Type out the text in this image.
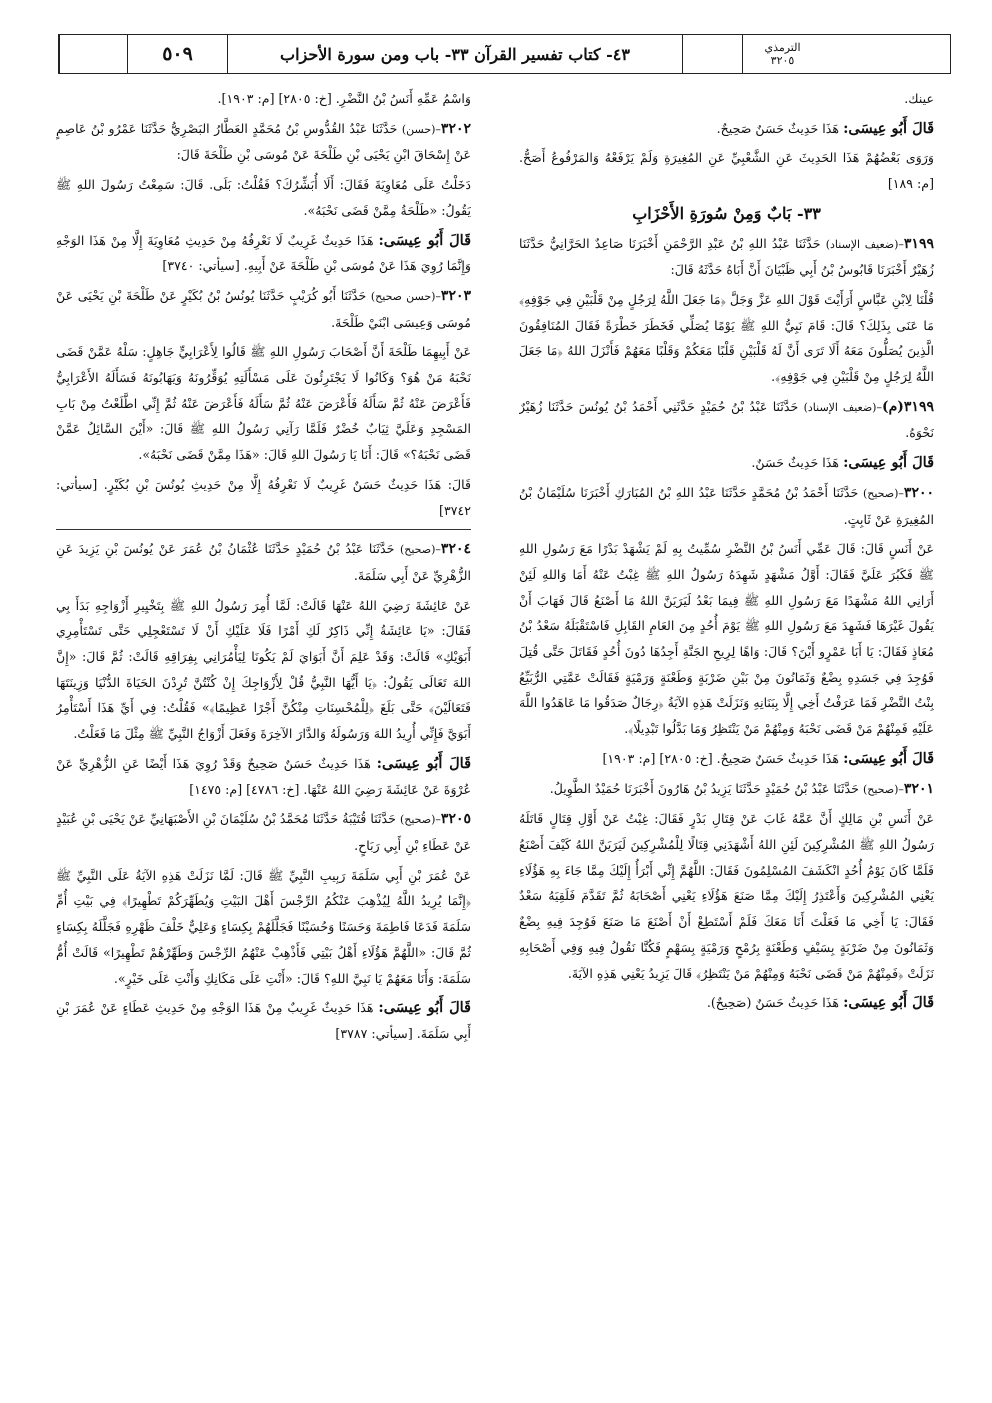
٥٠٩	٤٣- كتاب تفسير القرآن ٣٣- باب ومن سورة الأحزاب	الترمذي
٣٢٠٥

عينك.

قَالَ أَبُو عِيسَى: هَذَا حَدِيثٌ حَسَنٌ صَحِيحٌ.

وَرَوَى بَعْضُهُمْ هَذَا الحَدِيثَ عَنِ الشَّعْبِيِّ عَنِ المُغِيرَةِ وَلَمْ يَرْفَعْهُ وَالمَرْفُوعُ أَصَحُّ. [م: ١٨٩]

٣٣- بَابٌ وَمِنْ سُورَةِ الأَحْزَابِ

٣١٩٩–(ضعيف الإسناد) حَدَّثَنَا عَبْدُ اللهِ بْنُ عَبْدِ الرَّحْمَنِ أَخْبَرَنَا صَاعِدٌ الحَرَّانِيُّ حَدَّثَنَا زُهَيْرٌ أَخْبَرَنَا قَابُوسُ بْنُ أَبِي ظَبْيَانَ أَنَّ أَبَاهُ حَدَّثَهُ قَالَ:

قُلْنَا لِابْنِ عَبَّاسٍ أَرَأَيْتَ قَوْلَ اللهِ عَزَّ وَجَلَّ ﴿مَا جَعَلَ اللَّهُ لِرَجُلٍ مِنْ قَلْبَيْنِ فِي جَوْفِهِ﴾ مَا عَنَى بِذَلِكَ؟ قَالَ: قَامَ نَبِيُّ اللهِ ﷺ يَوْمًا يُصَلِّي فَخَطَرَ خَطْرَةً فَقَالَ المُنَافِقُونَ الَّذِينَ يُصَلُّونَ مَعَهُ أَلَا تَرَى أَنَّ لَهُ قَلْبَيْنِ قَلْبًا مَعَكُمْ وَقَلْبًا مَعَهُمْ فَأَنْزَلَ اللهُ ﴿مَا جَعَلَ اللَّهُ لِرَجُلٍ مِنْ قَلْبَيْنِ فِي جَوْفِهِ﴾.

٣١٩٩(م)–(ضعيف الإسناد) حَدَّثَنَا عَبْدُ بْنُ حُمَيْدٍ حَدَّثَنِي أَحْمَدُ بْنُ يُونُسَ حَدَّثَنَا زُهَيْرٌ نَحْوَهُ.

قَالَ أَبُو عِيسَى: هَذَا حَدِيثٌ حَسَنٌ.

٣٢٠٠–(صحيح) حَدَّثَنَا أَحْمَدُ بْنُ مُحَمَّدٍ حَدَّثَنَا عَبْدُ اللهِ بْنُ المُبَارَكِ أَخْبَرَنَا سُلَيْمَانُ بْنُ المُغِيرَةِ عَنْ ثَابِتٍ.

عَنْ أَنَسٍ قَالَ: قَالَ عَمِّي أَنَسُ بْنُ النَّضْرِ سُمِّيتُ بِهِ لَمْ يَشْهَدْ بَدْرًا مَعَ رَسُولِ اللهِ ﷺ فَكَبُرَ عَلَيَّ فَقَالَ: أَوَّلُ مَشْهَدٍ شَهِدَهُ رَسُولُ اللهِ ﷺ غِبْتُ عَنْهُ أَمَا وَاللهِ لَئِنْ أَرَانِي اللهُ مَشْهَدًا مَعَ رَسُولِ اللهِ ﷺ فِيمَا بَعْدُ لَيَرَيَنَّ اللهُ مَا أَصْنَعُ قَالَ فَهَابَ أَنْ يَقُولَ غَيْرَهَا فَشَهِدَ مَعَ رَسُولِ اللهِ ﷺ يَوْمَ أُحُدٍ مِنَ العَامِ القَابِلِ فَاسْتَقْبَلَهُ سَعْدُ بْنُ مُعَاذٍ فَقَالَ: يَا أَبَا عَمْرٍو أَيْنَ؟ قَالَ: وَاهًا لِرِيحِ الجَنَّةِ أَجِدُهَا دُونَ أُحُدٍ فَقَاتَلَ حَتَّى قُتِلَ فَوُجِدَ فِي جَسَدِهِ بِضْعٌ وَثَمَانُونَ مِنْ بَيْنِ ضَرْبَةٍ وَطَعْنَةٍ وَرَمْيَةٍ فَقَالَتْ عَمَّتِي الرُّبَيِّعُ بِنْتُ النَّضْرِ فَمَا عَرَفْتُ أَخِي إِلَّا بِبَنَانِهِ وَنَزَلَتْ هَذِهِ الآيَةُ ﴿رِجَالٌ صَدَقُوا مَا عَاهَدُوا اللَّهَ عَلَيْهِ فَمِنْهُمْ مَنْ قَضَى نَحْبَهُ وَمِنْهُمْ مَنْ يَنْتَظِرُ وَمَا بَدَّلُوا تَبْدِيلًا﴾.

قَالَ أَبُو عِيسَى: هَذَا حَدِيثٌ حَسَنٌ صَحِيحٌ. [خ: ٢٨٠٥] [م: ١٩٠٣]

٣٢٠١–(صحيح) حَدَّثَنَا عَبْدُ بْنُ حُمَيْدٍ حَدَّثَنَا يَزِيدُ بْنُ هَارُونَ أَخْبَرَنَا حُمَيْدٌ الطَّوِيلُ.

عَنْ أَنَسِ بْنِ مَالِكٍ أَنَّ عَمَّهُ غَابَ عَنْ قِتَالِ بَدْرٍ فَقَالَ: غِبْتُ عَنْ أَوَّلِ قِتَالٍ قَاتَلَهُ رَسُولُ اللهِ ﷺ المُشْرِكِينَ لَئِنِ اللهُ أَشْهَدَنِي قِتَالًا لِلْمُشْرِكِينَ لَيَرَيَنَّ اللهُ كَيْفَ أَصْنَعُ فَلَمَّا كَانَ يَوْمُ أُحُدٍ انْكَشَفَ المُسْلِمُونَ فَقَالَ: اللَّهُمَّ إِنِّي أَبْرَأُ إِلَيْكَ مِمَّا جَاءَ بِهِ هَؤُلَاءِ يَعْنِي المُشْرِكِينَ وَأَعْتَذِرُ إِلَيْكَ مِمَّا صَنَعَ هَؤُلَاءِ يَعْنِي أَصْحَابَهُ ثُمَّ تَقَدَّمَ فَلَقِيَهُ سَعْدٌ فَقَالَ: يَا أَخِي مَا فَعَلْتَ أَنَا مَعَكَ فَلَمْ أَسْتَطِعْ أَنْ أَصْنَعَ مَا صَنَعَ فَوُجِدَ فِيهِ بِضْعٌ وَثَمَانُونَ مِنْ ضَرْبَةٍ بِسَيْفٍ وَطَعْنَةٍ بِرُمْحٍ وَرَمْيَةٍ بِسَهْمٍ فَكُنَّا نَقُولُ فِيهِ وَفِي أَصْحَابِهِ نَزَلَتْ ﴿فَمِنْهُمْ مَنْ قَضَى نَحْبَهُ وَمِنْهُمْ مَنْ يَنْتَظِرُ﴾ قَالَ يَزِيدُ يَعْنِي هَذِهِ الآيَةَ.

قَالَ أَبُو عِيسَى: هَذَا حَدِيثٌ حَسَنٌ (صَحِيحٌ).

وَاسْمُ عَمِّهِ أَنَسُ بْنُ النَّضْرِ. [خ: ٢٨٠٥] [م: ١٩٠٣].

٣٢٠٢–(حسن) حَدَّثَنَا عَبْدُ القُدُّوسِ بْنُ مُحَمَّدٍ العَطَّارُ البَصْرِيُّ حَدَّثَنَا عَمْرُو بْنُ عَاصِمٍ عَنْ إِسْحَاقَ ابْنِ يَحْيَى بْنِ طَلْحَةَ عَنْ مُوسَى بْنِ طَلْحَةَ قَالَ:

دَخَلْتُ عَلَى مُعَاوِيَةَ فَقَالَ: أَلَا أُبَشِّرُكَ؟ فَقُلْتُ: بَلَى. قَالَ: سَمِعْتُ رَسُولَ اللهِ ﷺ يَقُولُ: «طَلْحَةُ مِمَّنْ قَضَى نَحْبَهُ».

قَالَ أَبُو عِيسَى: هَذَا حَدِيثٌ غَرِيبٌ لَا نَعْرِفُهُ مِنْ حَدِيثِ مُعَاوِيَةَ إِلَّا مِنْ هَذَا الوَجْهِ وَإِنَّمَا رُوِيَ هَذَا عَنْ مُوسَى بْنِ طَلْحَةَ عَنْ أَبِيهِ. [سيأتي: ٣٧٤٠]

٣٢٠٣–(حسن صحيح) حَدَّثَنَا أَبُو كُرَيْبٍ حَدَّثَنَا يُونُسُ بْنُ بُكَيْرٍ عَنْ طَلْحَةَ بْنِ يَحْيَى عَنْ مُوسَى وَعِيسَى ابْنَيْ طَلْحَةَ.

عَنْ أَبِيهِمَا طَلْحَةَ أَنَّ أَصْحَابَ رَسُولِ اللهِ ﷺ قَالُوا لِأَعْرَابِيٍّ جَاهِلٍ: سَلْهُ عَمَّنْ قَضَى نَحْبَهُ مَنْ هُوَ؟ وَكَانُوا لَا يَجْتَرِئُونَ عَلَى مَسْأَلَتِهِ يُوَقِّرُونَهُ وَيَهَابُونَهُ فَسَأَلَهُ الأَعْرَابِيُّ فَأَعْرَضَ عَنْهُ ثُمَّ سَأَلَهُ فَأَعْرَضَ عَنْهُ ثُمَّ سَأَلَهُ فَأَعْرَضَ عَنْهُ ثُمَّ إِنِّي اطَّلَعْتُ مِنْ بَابِ المَسْجِدِ وَعَلَيَّ ثِيَابٌ خُضْرٌ فَلَمَّا رَآنِي رَسُولُ اللهِ ﷺ قَالَ: «أَيْنَ السَّائِلُ عَمَّنْ قَضَى نَحْبَهُ؟» قَالَ: أَنَا يَا رَسُولَ اللهِ قَالَ: «هَذَا مِمَّنْ قَضَى نَحْبَهُ».

قَالَ: هَذَا حَدِيثٌ حَسَنٌ غَرِيبٌ لَا نَعْرِفُهُ إِلَّا مِنْ حَدِيثِ يُونُسَ بْنِ بُكَيْرٍ. [سيأتي: ٣٧٤٢]

٣٢٠٤–(صحيح) حَدَّثَنَا عَبْدُ بْنُ حُمَيْدٍ حَدَّثَنَا عُثْمَانُ بْنُ عُمَرَ عَنْ يُونُسَ بْنِ يَزِيدَ عَنِ الزُّهْرِيِّ عَنْ أَبِي سَلَمَةَ.

عَنْ عَائِشَةَ رَضِيَ اللهُ عَنْهَا قَالَتْ: لَمَّا أُمِرَ رَسُولُ اللهِ ﷺ بِتَخْيِيرِ أَزْوَاجِهِ بَدَأَ بِي فَقَالَ: «يَا عَائِشَةُ إِنِّي ذَاكِرٌ لَكِ أَمْرًا فَلَا عَلَيْكِ أَنْ لَا تَسْتَعْجِلِي حَتَّى تَسْتَأْمِرِي أَبَوَيْكِ» قَالَتْ: وَقَدْ عَلِمَ أَنَّ أَبَوَايَ لَمْ يَكُونَا لِيَأْمُرَانِي بِفِرَاقِهِ قَالَتْ: ثُمَّ قَالَ: «إِنَّ اللهَ تَعَالَى يَقُولُ: ﴿يَا أَيُّهَا النَّبِيُّ قُلْ لِأَزْوَاجِكَ إِنْ كُنْتُنَّ تُرِدْنَ الحَيَاةَ الدُّنْيَا وَزِينَتَهَا فَتَعَالَيْنَ﴾ حَتَّى بَلَغَ ﴿لِلْمُحْسِنَاتِ مِنْكُنَّ أَجْرًا عَظِيمًا﴾» فَقُلْتُ: فِي أَيِّ هَذَا أَسْتَأْمِرُ أَبَوَيَّ فَإِنِّي أُرِيدُ اللهَ وَرَسُولَهُ وَالدَّارَ الآخِرَةَ وَفَعَلَ أَزْوَاجُ النَّبِيِّ ﷺ مِثْلَ مَا فَعَلْتُ.

قَالَ أَبُو عِيسَى: هَذَا حَدِيثٌ حَسَنٌ صَحِيحٌ وَقَدْ رُوِيَ هَذَا أَيْضًا عَنِ الزُّهْرِيِّ عَنْ عُرْوَةَ عَنْ عَائِشَةَ رَضِيَ اللهُ عَنْهَا. [خ: ٤٧٨٦] [م: ١٤٧٥]

٣٢٠٥–(صحيح) حَدَّثَنَا قُتَيْبَةُ حَدَّثَنَا مُحَمَّدُ بْنُ سُلَيْمَانَ بْنِ الأَصْبَهَانِيِّ عَنْ يَحْيَى بْنِ عُبَيْدٍ عَنْ عَطَاءِ بْنِ أَبِي رَبَاحٍ.

عَنْ عُمَرَ بْنِ أَبِي سَلَمَةَ رَبِيبِ النَّبِيِّ ﷺ قَالَ: لَمَّا نَزَلَتْ هَذِهِ الآيَةُ عَلَى النَّبِيِّ ﷺ ﴿إِنَّمَا يُرِيدُ اللَّهُ لِيُذْهِبَ عَنْكُمُ الرِّجْسَ أَهْلَ البَيْتِ وَيُطَهِّرَكُمْ تَطْهِيرًا﴾ فِي بَيْتِ أُمِّ سَلَمَةَ فَدَعَا فَاطِمَةَ وَحَسَنًا وَحُسَيْنًا فَجَلَّلَهُمْ بِكِسَاءٍ وَعَلِيٌّ خَلْفَ ظَهْرِهِ فَجَلَّلَهُ بِكِسَاءٍ ثُمَّ قَالَ: «اللَّهُمَّ هَؤُلَاءِ أَهْلُ بَيْتِي فَأَذْهِبْ عَنْهُمُ الرِّجْسَ وَطَهِّرْهُمْ تَطْهِيرًا» قَالَتْ أُمُّ سَلَمَةَ: وَأَنَا مَعَهُمْ يَا نَبِيَّ اللهِ؟ قَالَ: «أَنْتِ عَلَى مَكَانِكِ وَأَنْتِ عَلَى خَيْرٍ».

قَالَ أَبُو عِيسَى: هَذَا حَدِيثٌ غَرِيبٌ مِنْ هَذَا الوَجْهِ مِنْ حَدِيثِ عَطَاءٍ عَنْ عُمَرَ بْنِ أَبِي سَلَمَةَ. [سيأتي: ٣٧٨٧]
